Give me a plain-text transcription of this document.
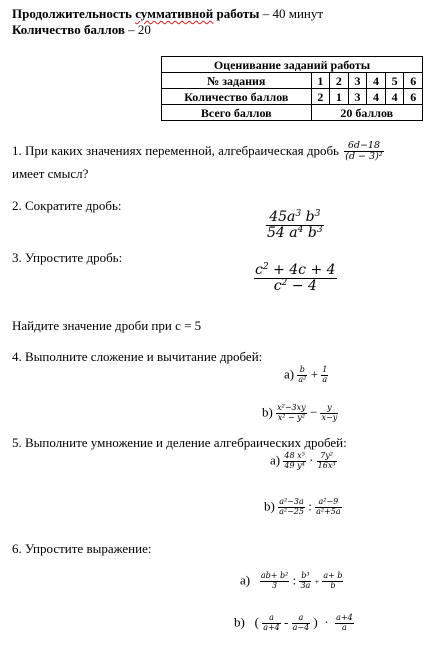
Продолжительность суммативной работы – 40 минут
Количество баллов – 20
Оценивание заданий работы						
№ задания	1	2	3	4	5	6
Количество баллов	2	1	3	4	4	6
Всего баллов	20 баллов					
1. При каких значениях переменной, алгебраическая дробь $\frac{6d-18}{\text{(d − 3)²}}$
имеет смысл?
2. Сократите дробь:
$\frac{45a^3 b^3}{54 a^4 b^3}$
3. Упростите дробь:
$\frac{c^2 + 4c + 4}{c^2 - 4}$
Найдите значение дроби при c = 5
4. Выполните сложение и вычитание дробей:
$a) \frac{b}{\text{a²}} + \frac{1}{a}$
$b) \frac{\text{x²−3xy}}{\text{x² − y²}} - \frac{y}{x-y}$
5. Выполните умножение и деление алгебраических дробей:
$a) \frac{\text{48 x⁵}}{\text{49 y⁴}} \cdot \frac{\text{7y²}}{\text{16x³}}$
$b) \frac{\text{a²−3a}}{\text{a²−25}}$ : $\frac{\text{a²−9}}{\text{a²+5a}}$
6. Упростите выражение:
$a) \frac{\text{ab+ b²}}{3}$ : $\frac{\text{b³}}{3a} + \frac{a+ b}{b}$
b) ( $\frac{a}{a+4} - \frac{a}{a-4}$ ) · $\frac{a+4}{a}$
